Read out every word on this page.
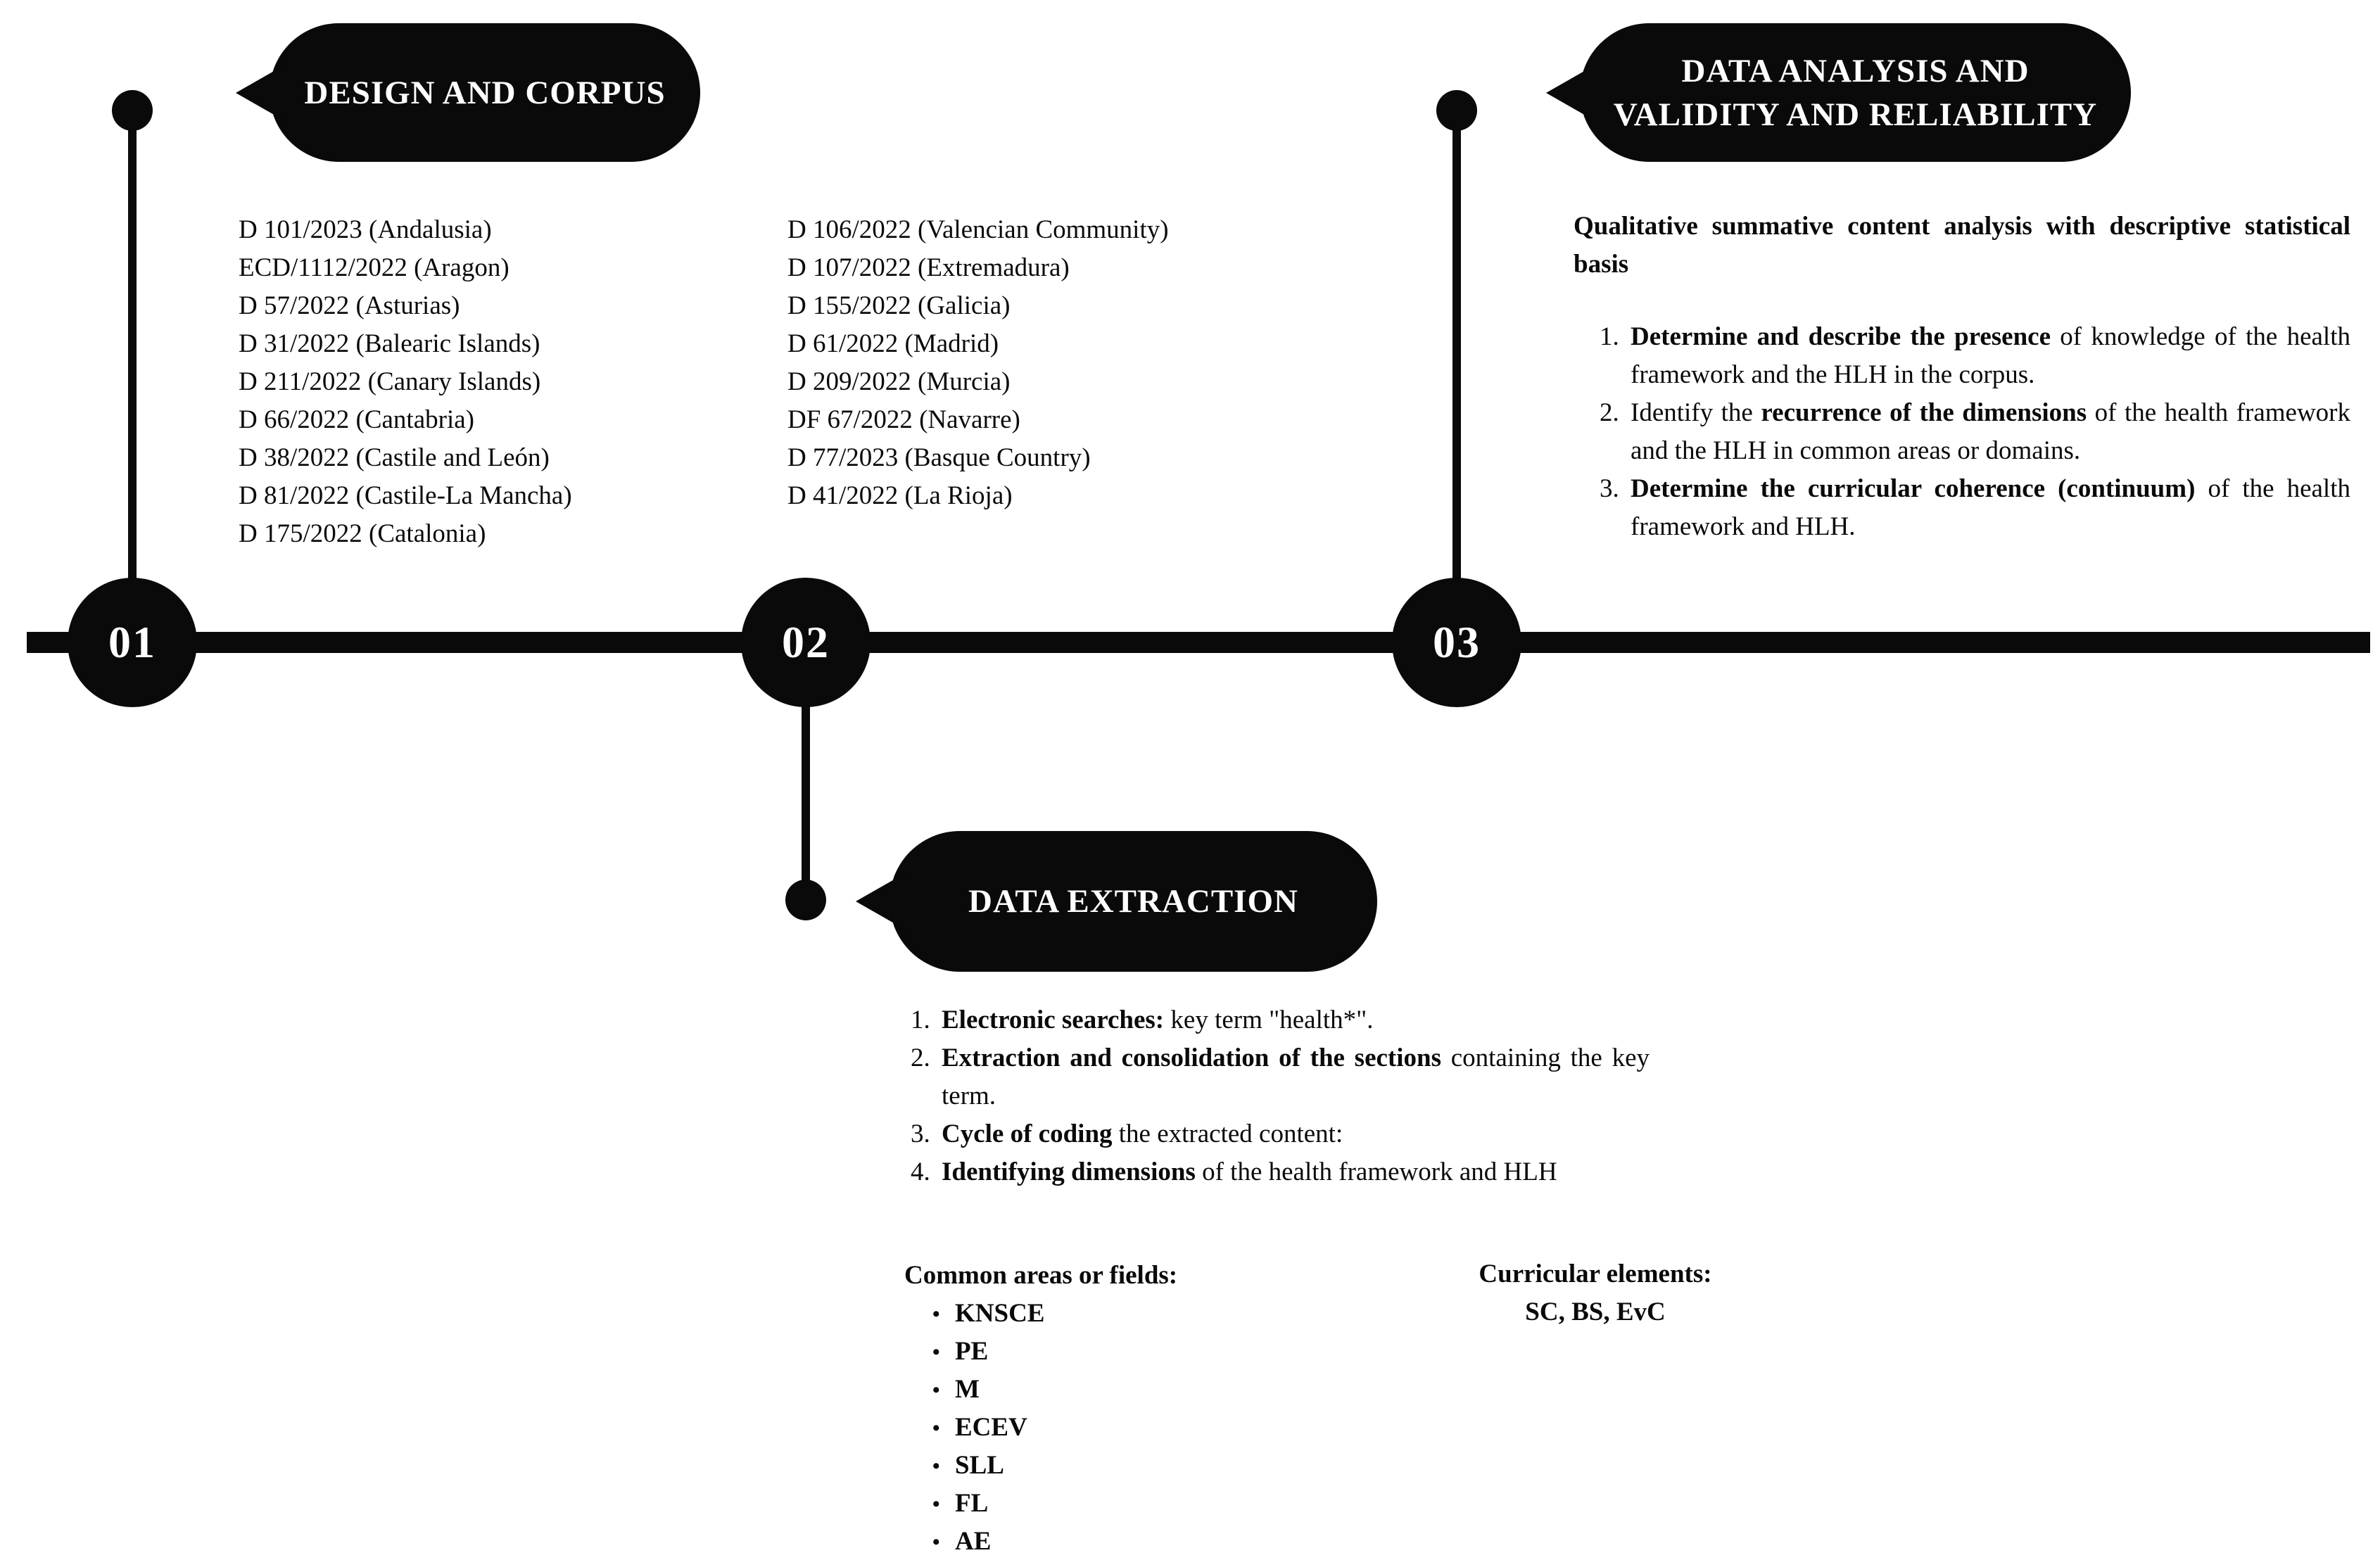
01	02	03
DESIGN AND CORPUS
DATA EXTRACTION
DATA ANALYSIS AND
VALIDITY AND RELIABILITY
D 101/2023 (Andalusia)
ECD/1112/2022 (Aragon)
D 57/2022 (Asturias)
D 31/2022 (Balearic Islands)
D 211/2022 (Canary Islands)
D 66/2022 (Cantabria)
D 38/2022 (Castile and León)
D 81/2022 (Castile-La Mancha)
D 175/2022 (Catalonia)
D 106/2022 (Valencian Community)
D 107/2022 (Extremadura)
D 155/2022 (Galicia)
D 61/2022 (Madrid)
D 209/2022 (Murcia)
DF 67/2022 (Navarre)
D 77/2023 (Basque Country)
D 41/2022 (La Rioja)
Qualitative summative content analysis with descriptive statistical basis
1. Determine and describe the presence of knowledge of the health framework and the HLH in the corpus.

2. Identify the recurrence of the dimensions of the health framework and the HLH in common areas or domains.

3. Determine the curricular coherence (continuum) of the health framework and HLH.

1. Electronic searches: key term "health*".

2. Extraction and consolidation of the sections containing the key term.

3. Cycle of coding the extracted content:

4. Identifying dimensions of the health framework and HLH

Common areas or fields:
• KNSCE
• PE
• M
• ECEV
• SLL
• FL
• AE
Curricular elements:
SC, BS, EvC
